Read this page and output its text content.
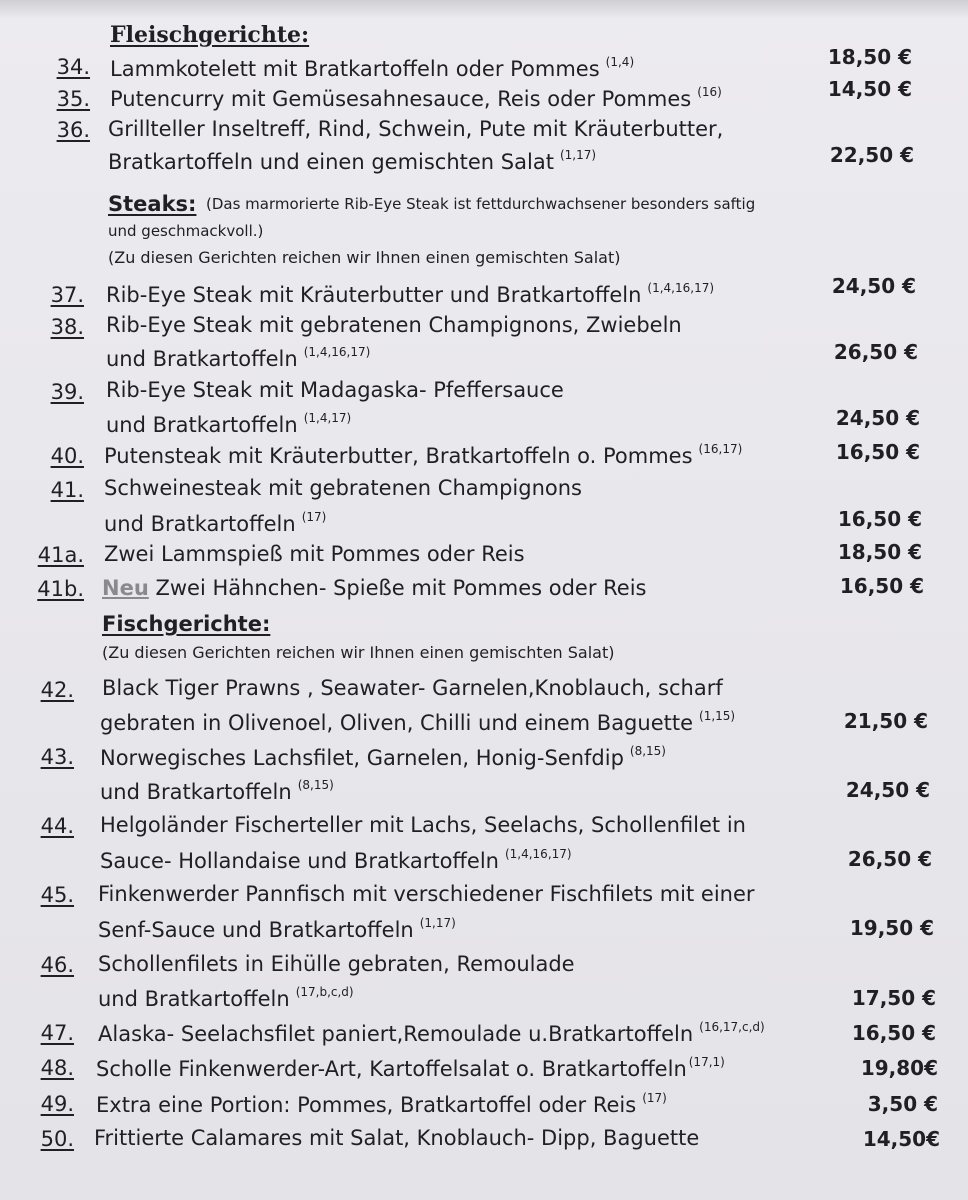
Fleischgerichte:
34. Lammkotelett mit Bratkartoffeln oder Pommes $^{(1,4)}$	18,50 €
35. Putencurry mit Gemüsesahnesauce, Reis oder Pommes $^{(16)}$	14,50 €
36. Grillteller Inseltreff, Rind, Schwein, Pute mit Kräuterbutter,
Bratkartoffeln und einen gemischten Salat $^{(1,17)}$	22,50 €
Steaks: (Das marmorierte Rib-Eye Steak ist fettdurchwachsener besonders saftig
und geschmackvoll.)
(Zu diesen Gerichten reichen wir Ihnen einen gemischten Salat)
37. Rib-Eye Steak mit Kräuterbutter und Bratkartoffeln $^{(1,4,16,17)}$	24,50 €
38. Rib-Eye Steak mit gebratenen Champignons, Zwiebeln
und Bratkartoffeln $^{(1,4,16,17)}$	26,50 €
39. Rib-Eye Steak mit Madagaska- Pfeffersauce
und Bratkartoffeln $^{(1,4,17)}$	24,50 €
40. Putensteak mit Kräuterbutter, Bratkartoffeln o. Pommes $^{(16,17)}$	16,50 €
41. Schweinesteak mit gebratenen Champignons
und Bratkartoffeln $^{(17)}$	16,50 €
41a. Zwei Lammspieß mit Pommes oder Reis	18,50 €
41b. Neu Zwei Hähnchen- Spieße mit Pommes oder Reis	16,50 €
Fischgerichte:
(Zu diesen Gerichten reichen wir Ihnen einen gemischten Salat)
42. Black Tiger Prawns , Seawater- Garnelen,Knoblauch, scharf
gebraten in Olivenoel, Oliven, Chilli und einem Baguette $^{(1,15)}$	21,50 €
43. Norwegisches Lachsfilet, Garnelen, Honig-Senfdip $^{(8,15)}$
und Bratkartoffeln $^{(8,15)}$	24,50 €
44. Helgoländer Fischerteller mit Lachs, Seelachs, Schollenfilet in
Sauce- Hollandaise und Bratkartoffeln $^{(1,4,16,17)}$	26,50 €
45. Finkenwerder Pannfisch mit verschiedener Fischfilets mit einer
Senf-Sauce und Bratkartoffeln $^{(1,17)}$	19,50 €
46. Schollenfilets in Eihülle gebraten, Remoulade
und Bratkartoffeln $^{(17,b,c,d)}$	17,50 €
47. Alaska- Seelachsfilet paniert,Remoulade u.Bratkartoffeln $^{(16,17,c,d)}$	16,50 €
48. Scholle Finkenwerder-Art, Kartoffelsalat o. Bratkartoffeln $^{(17,1)}$	19,80€
49. Extra eine Portion: Pommes, Bratkartoffel oder Reis $^{(17)}$	3,50 €
50. Frittierte Calamares mit Salat, Knoblauch- Dipp, Baguette	14,50€
